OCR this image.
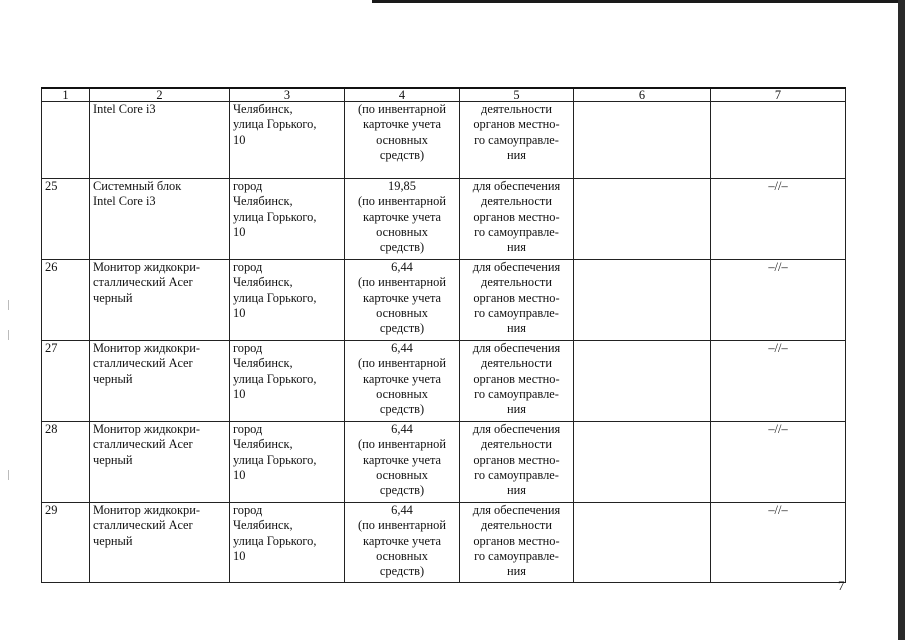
1	2	3	4	5	6	7

	Intel Core i3	Челябинск,
улица Горького,
10	(по инвентарной
карточке учета
основных
средств)	деятельности
органов местно-
го самоуправле-
ния		

25	Системный блок
Intel Core i3	город
Челябинск,
улица Горького,
10	19,85
(по инвентарной
карточке учета
основных
средств)	для обеспечения
деятельности
органов местно-
го самоуправле-
ния		–//–
26	Монитор жидкокри-
сталлический Acer
черный	город
Челябинск,
улица Горького,
10	6,44
(по инвентарной
карточке учета
основных
средств)	для обеспечения
деятельности
органов местно-
го самоуправле-
ния		–//–
27	Монитор жидкокри-
сталлический Acer
черный	город
Челябинск,
улица Горького,
10	6,44
(по инвентарной
карточке учета
основных
средств)	для обеспечения
деятельности
органов местно-
го самоуправле-
ния		–//–
28	Монитор жидкокри-
сталлический Acer
черный	город
Челябинск,
улица Горького,
10	6,44
(по инвентарной
карточке учета
основных
средств)	для обеспечения
деятельности
органов местно-
го самоуправле-
ния		–//–
29	Монитор жидкокри-
сталлический Acer
черный	город
Челябинск,
улица Горького,
10	6,44
(по инвентарной
карточке учета
основных
средств)	для обеспечения
деятельности
органов местно-
го самоуправле-
ния		–//–
7
